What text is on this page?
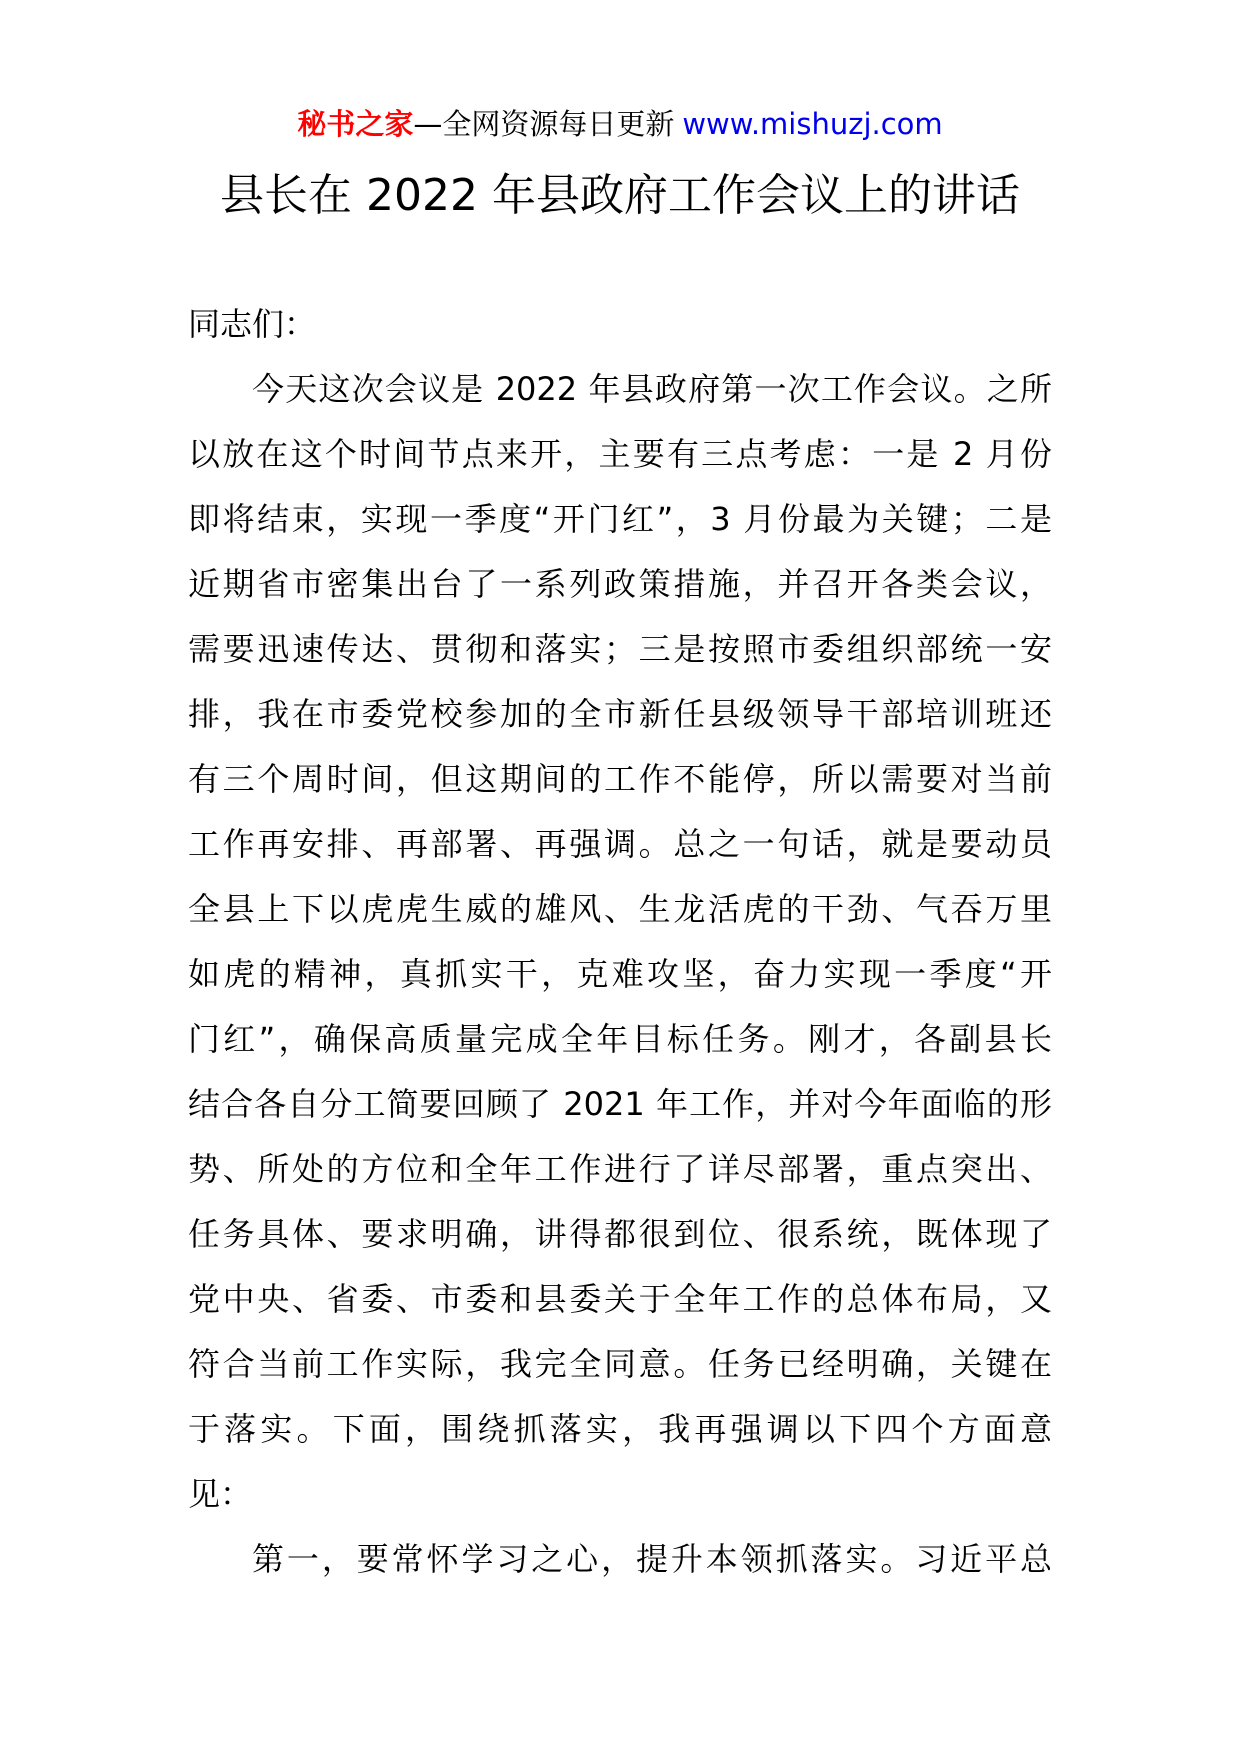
秘书之家—全网资源每日更新 www.mishuzj.com
县长在 2022 年县政府工作会议上的讲话
同志们：
今天这次会议是 2022 年县政府第一次工作会议。之所
以放在这个时间节点来开，主要有三点考虑：一是 2 月份
即将结束，实现一季度“开门红”，3 月份最为关键；二是
近期省市密集出台了一系列政策措施，并召开各类会议，
需要迅速传达、贯彻和落实；三是按照市委组织部统一安
排，我在市委党校参加的全市新任县级领导干部培训班还
有三个周时间，但这期间的工作不能停，所以需要对当前
工作再安排、再部署、再强调。总之一句话，就是要动员
全县上下以虎虎生威的雄风、生龙活虎的干劲、气吞万里
如虎的精神，真抓实干，克难攻坚，奋力实现一季度“开
门红”，确保高质量完成全年目标任务。刚才，各副县长
结合各自分工简要回顾了 2021 年工作，并对今年面临的形
势、所处的方位和全年工作进行了详尽部署，重点突出、
任务具体、要求明确，讲得都很到位、很系统，既体现了
党中央、省委、市委和县委关于全年工作的总体布局，又
符合当前工作实际，我完全同意。任务已经明确，关键在
于落实。下面，围绕抓落实，我再强调以下四个方面意
见：
第一，要常怀学习之心，提升本领抓落实。习近平总
